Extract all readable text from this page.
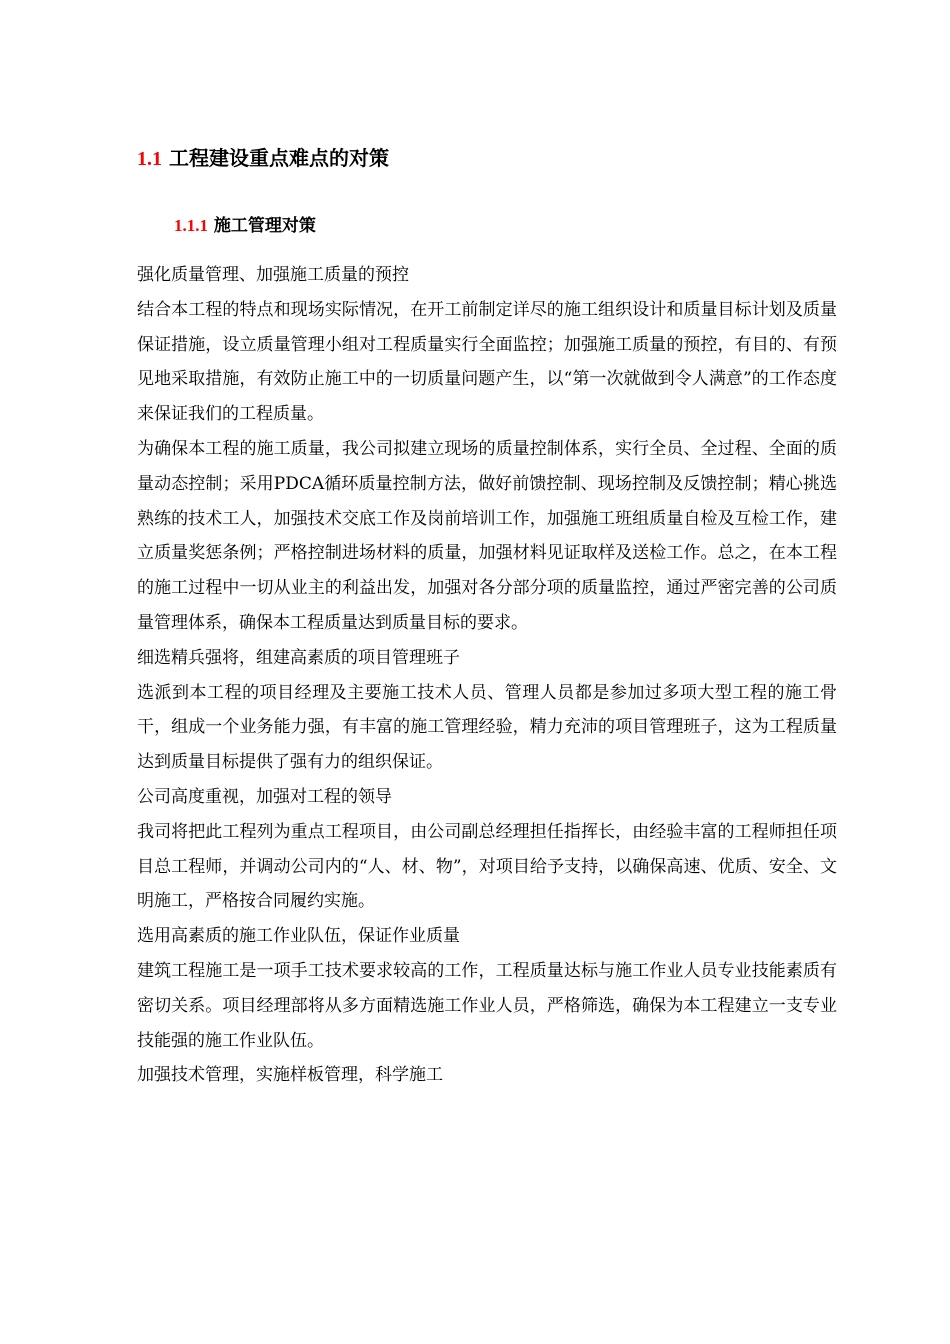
1.1 工程建设重点难点的对策
1.1.1 施工管理对策

强化质量管理、加强施工质量的预控

结合本工程的特点和现场实际情况，在开工前制定详尽的施工组织设计和质量目标计划及质量保证措施，设立质量管理小组对工程质量实行全面监控；加强施工质量的预控，有目的、有预见地采取措施，有效防止施工中的一切质量问题产生，以“第一次就做到令人满意”的工作态度来保证我们的工程质量。

为确保本工程的施工质量，我公司拟建立现场的质量控制体系，实行全员、全过程、全面的质量动态控制；采用PDCA循环质量控制方法，做好前馈控制、现场控制及反馈控制；精心挑选熟练的技术工人，加强技术交底工作及岗前培训工作，加强施工班组质量自检及互检工作，建立质量奖惩条例；严格控制进场材料的质量，加强材料见证取样及送检工作。总之，在本工程的施工过程中一切从业主的利益出发，加强对各分部分项的质量监控，通过严密完善的公司质量管理体系，确保本工程质量达到质量目标的要求。

细选精兵强将，组建高素质的项目管理班子

选派到本工程的项目经理及主要施工技术人员、管理人员都是参加过多项大型工程的施工骨干，组成一个业务能力强，有丰富的施工管理经验，精力充沛的项目管理班子，这为工程质量达到质量目标提供了强有力的组织保证。

公司高度重视，加强对工程的领导

我司将把此工程列为重点工程项目，由公司副总经理担任指挥长，由经验丰富的工程师担任项目总工程师，并调动公司内的“人、材、物”，对项目给予支持，以确保高速、优质、安全、文明施工，严格按合同履约实施。

选用高素质的施工作业队伍，保证作业质量

建筑工程施工是一项手工技术要求较高的工作，工程质量达标与施工作业人员专业技能素质有密切关系。项目经理部将从多方面精选施工作业人员，严格筛选，确保为本工程建立一支专业技能强的施工作业队伍。

加强技术管理，实施样板管理，科学施工
